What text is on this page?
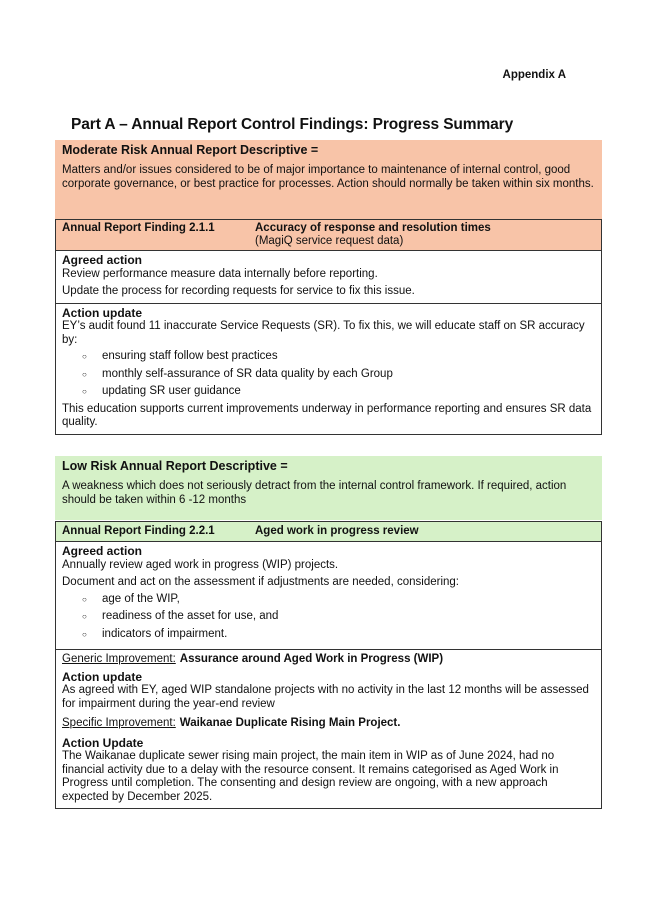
Appendix A
Part A – Annual Report Control Findings: Progress Summary
Moderate Risk Annual Report Descriptive =
Matters and/or issues considered to be of major importance to maintenance of internal control, good corporate governance, or best practice for processes. Action should normally be taken within six months.
Annual Report Finding 2.1.1	Accuracy of response and resolution times
(MagiQ service request data)
Agreed action

Review performance measure data internally before reporting.

Update the process for recording requests for service to fix this issue.

Action update

EY’s audit found 11 inaccurate Service Requests (SR). To fix this, we will educate staff on SR accuracy by:

○ ensuring staff follow best practices
○ monthly self-assurance of SR data quality by each Group
○ updating SR user guidance

This education supports current improvements underway in performance reporting and ensures SR data quality.

Low Risk Annual Report Descriptive =
A weakness which does not seriously detract from the internal control framework. If required, action should be taken within 6 -12 months
Annual Report Finding 2.2.1	Aged work in progress review
Agreed action

Annually review aged work in progress (WIP) projects.

Document and act on the assessment if adjustments are needed, considering:

○ age of the WIP,
○ readiness of the asset for use, and
○ indicators of impairment.

Generic Improvement: Assurance around Aged Work in Progress (WIP)

Action update

As agreed with EY, aged WIP standalone projects with no activity in the last 12 months will be assessed for impairment during the year-end review

Specific Improvement: Waikanae Duplicate Rising Main Project.

Action Update

The Waikanae duplicate sewer rising main project, the main item in WIP as of June 2024, had no financial activity due to a delay with the resource consent. It remains categorised as Aged Work in Progress until completion. The consenting and design review are ongoing, with a new approach expected by December 2025.
